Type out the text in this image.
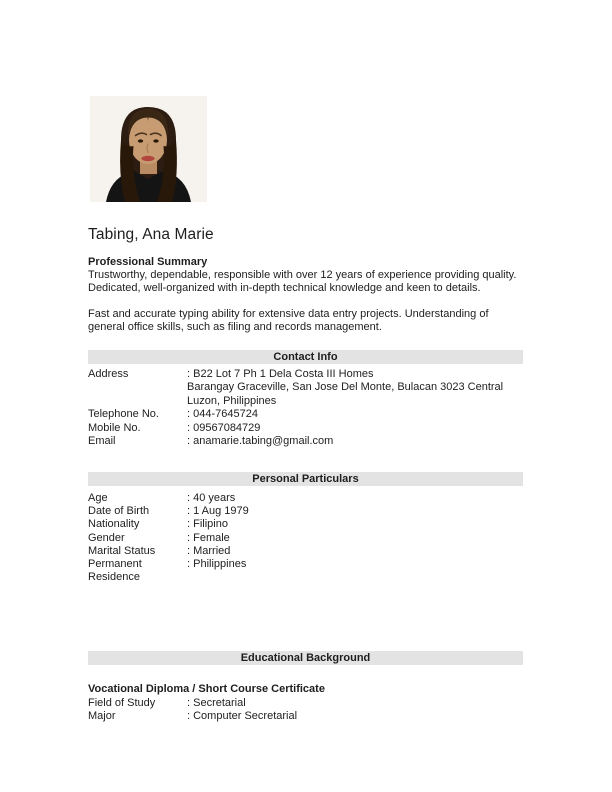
Tabing, Ana Marie
Professional Summary

Trustworthy, dependable, responsible with over 12 years of experience providing quality.
Dedicated, well-organized with in-depth technical knowledge and keen to details.

Fast and accurate typing ability for extensive data entry projects. Understanding of
general office skills, such as filing and records management.

Contact Info
Address	: B22 Lot 7 Ph 1 Dela Costa III Homes
Barangay Graceville, San Jose Del Monte, Bulacan 3023 Central
Luzon, Philippines
Telephone No.	: 044-7645724
Mobile No.	: 09567084729
Email	: anamarie.tabing@gmail.com
Personal Particulars
Age	: 40 years
Date of Birth	: 1 Aug 1979
Nationality	: Filipino
Gender	: Female
Marital Status	: Married
Permanent Residence
: Philippines
Educational Background
Vocational Diploma / Short Course Certificate
Field of Study	: Secretarial
Major	: Computer Secretarial
